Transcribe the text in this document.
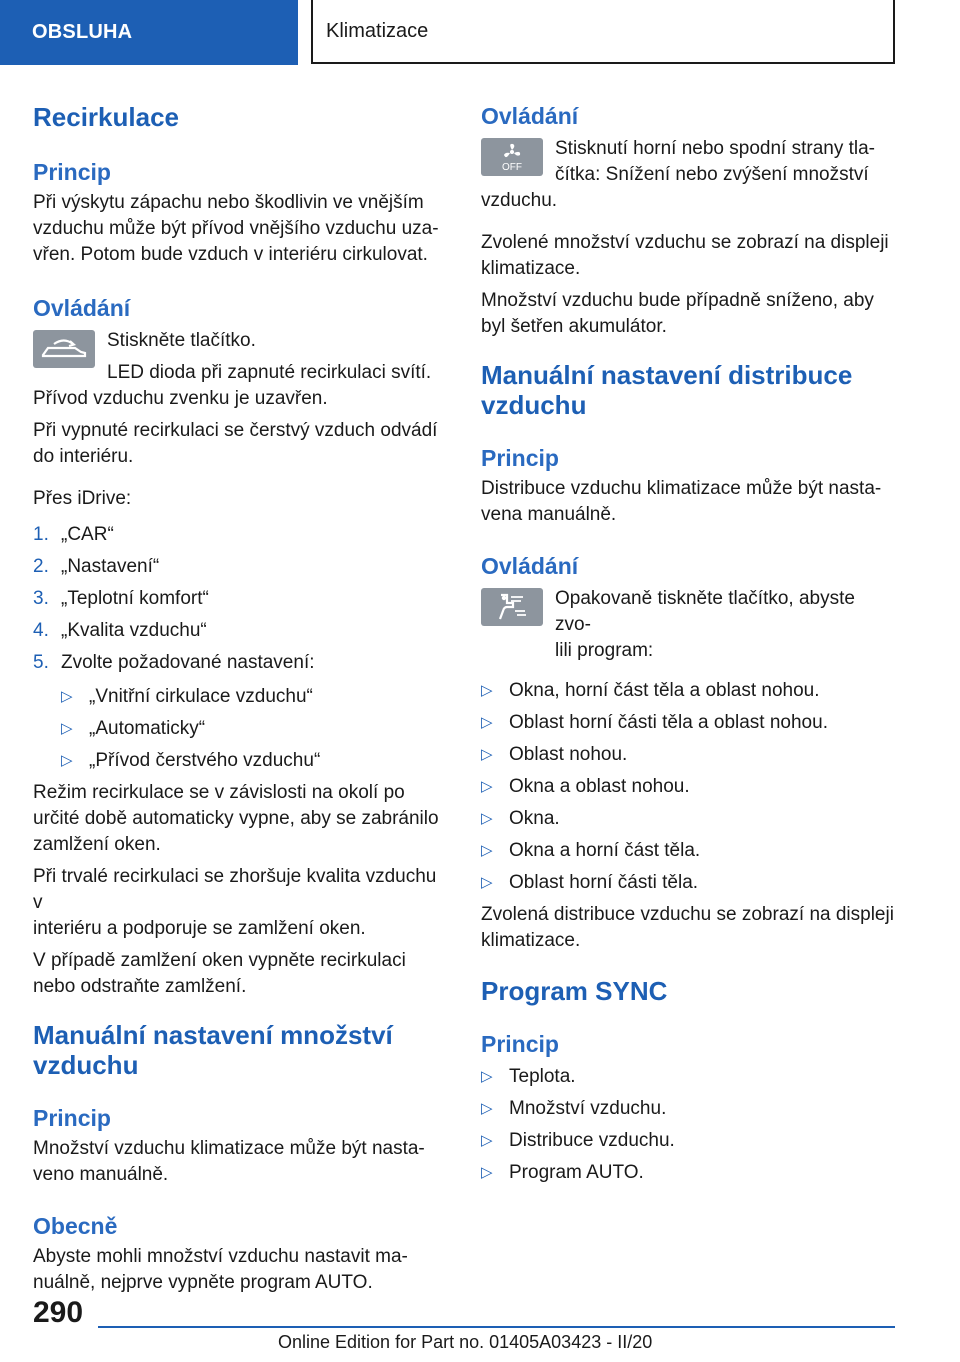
OBSLUHA	Klimatizace
Recirkulace
Princip

Při výskytu zápachu nebo škodlivin ve vnějším
vzduchu může být přívod vnějšího vzduchu uza-
vřen. Potom bude vzduch v interiéru cirkulovat.

Ovládání
Stiskněte tlačítko.
LED dioda při zapnuté recirkulaci svítí.

Přívod vzduchu zvenku je uzavřen.

Při vypnuté recirkulaci se čerstvý vzduch odvádí
do interiéru.

Přes iDrive:

1. „CAR“
2. „Nastavení“
3. „Teplotní komfort“
4. „Kvalita vzduchu“
5. Zvolte požadované nastavení:
▷ „Vnitřní cirkulace vzduchu“
▷ „Automaticky“
▷ „Přívod čerstvého vzduchu“

Režim recirkulace se v závislosti na okolí po
určité době automaticky vypne, aby se zabránilo
zamlžení oken.

Při trvalé recirkulaci se zhoršuje kvalita vzduchu v
interiéru a podporuje se zamlžení oken.

V případě zamlžení oken vypněte recirkulaci
nebo odstraňte zamlžení.

Manuální nastavení množství
vzduchu
Princip

Množství vzduchu klimatizace může být nasta-
veno manuálně.

Obecně

Abyste mohli množství vzduchu nastavit ma-
nuálně, nejprve vypněte program AUTO.

Ovládání
OFF
Stisknutí horní nebo spodní strany tla-
čítka: Snížení nebo zvýšení množství

vzduchu.

Zvolené množství vzduchu se zobrazí na displeji
klimatizace.

Množství vzduchu bude případně sníženo, aby
byl šetřen akumulátor.

Manuální nastavení distribuce
vzduchu
Princip

Distribuce vzduchu klimatizace může být nasta-
vena manuálně.

Ovládání
Opakovaně tiskněte tlačítko, abyste zvo-
lili program:
▷ Okna, horní část těla a oblast nohou.
▷ Oblast horní části těla a oblast nohou.
▷ Oblast nohou.
▷ Okna a oblast nohou.
▷ Okna.
▷ Okna a horní část těla.
▷ Oblast horní části těla.

Zvolená distribuce vzduchu se zobrazí na displeji
klimatizace.

Program SYNC
Princip
▷ Teplota.
▷ Množství vzduchu.
▷ Distribuce vzduchu.
▷ Program AUTO.
290
Online Edition for Part no. 01405A03423 - II/20
